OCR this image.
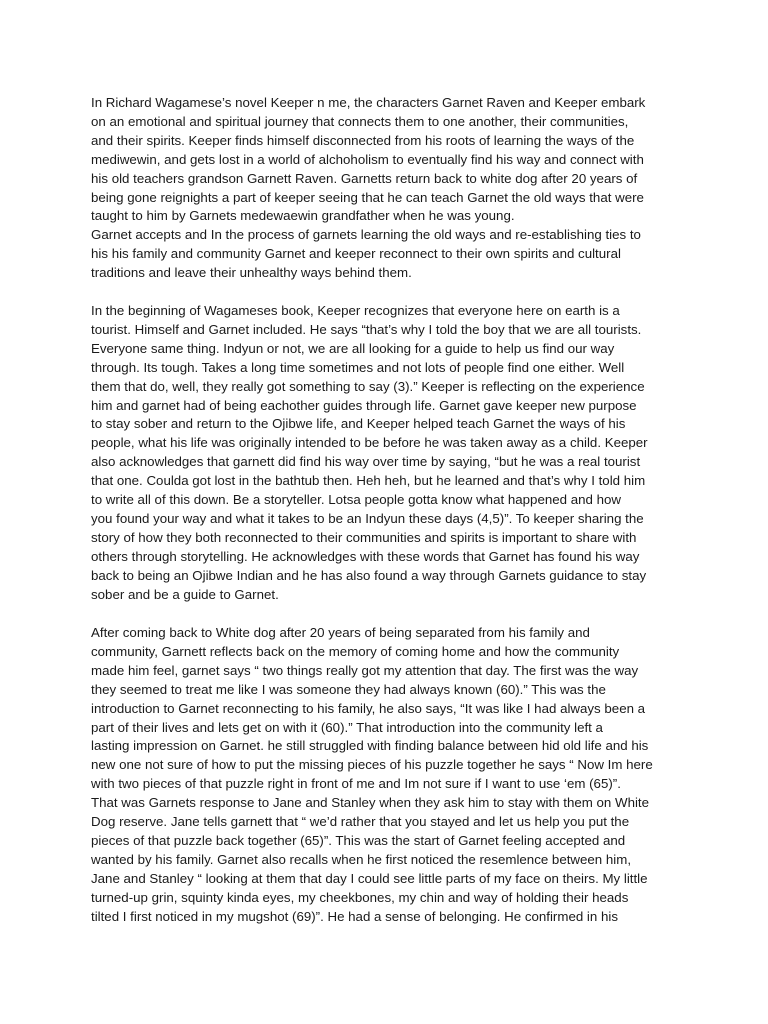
In Richard Wagamese’s novel Keeper n me, the characters Garnet Raven and Keeper embark
on an emotional and spiritual journey that connects them to one another, their communities,
and their spirits. Keeper finds himself disconnected from his roots of learning the ways of the
mediwewin, and gets lost in a world of alchoholism to eventually find his way and connect with
his old teachers grandson Garnett Raven. Garnetts return back to white dog after 20 years of
being gone reignights a part of keeper seeing that he can teach Garnet the old ways that were
taught to him by Garnets medewaewin grandfather when he was young.
Garnet accepts and In the process of garnets learning the old ways and re-establishing ties to
his his family and community Garnet and keeper reconnect to their own spirits and cultural
traditions and leave their unhealthy ways behind them.

In the beginning of Wagameses book, Keeper recognizes that everyone here on earth is a
tourist. Himself and Garnet included. He says “that’s why I told the boy that we are all tourists.
Everyone same thing. Indyun or not, we are all looking for a guide to help us find our way
through. Its tough. Takes a long time sometimes and not lots of people find one either. Well
them that do, well, they really got something to say (3).” Keeper is reflecting on the experience
him and garnet had of being eachother guides through life. Garnet gave keeper new purpose
to stay sober and return to the Ojibwe life, and Keeper helped teach Garnet the ways of his
people, what his life was originally intended to be before he was taken away as a child. Keeper
also acknowledges that garnett did find his way over time by saying, “but he was a real tourist
that one. Coulda got lost in the bathtub then. Heh heh, but he learned and that’s why I told him
to write all of this down. Be a storyteller. Lotsa people gotta know what happened and how
you found your way and what it takes to be an Indyun these days (4,5)”. To keeper sharing the
story of how they both reconnected to their communities and spirits is important to share with
others through storytelling. He acknowledges with these words that Garnet has found his way
back to being an Ojibwe Indian and he has also found a way through Garnets guidance to stay
sober and be a guide to Garnet.

After coming back to White dog after 20 years of being separated from his family and
community, Garnett reflects back on the memory of coming home and how the community
made him feel, garnet says “ two things really got my attention that day. The first was the way
they seemed to treat me like I was someone they had always known (60).” This was the
introduction to Garnet reconnecting to his family, he also says, “It was like I had always been a
part of their lives and lets get on with it (60).” That introduction into the community left a
lasting impression on Garnet. he still struggled with finding balance between hid old life and his
new one not sure of how to put the missing pieces of his puzzle together he says “ Now Im here
with two pieces of that puzzle right in front of me and Im not sure if I want to use ‘em (65)”.
That was Garnets response to Jane and Stanley when they ask him to stay with them on White
Dog reserve. Jane tells garnett that “ we’d rather that you stayed and let us help you put the
pieces of that puzzle back together (65)”. This was the start of Garnet feeling accepted and
wanted by his family. Garnet also recalls when he first noticed the resemlence between him,
Jane and Stanley “ looking at them that day I could see little parts of my face on theirs. My little
turned-up grin, squinty kinda eyes, my cheekbones, my chin and way of holding their heads
tilted I first noticed in my mugshot (69)”. He had a sense of belonging. He confirmed in his
